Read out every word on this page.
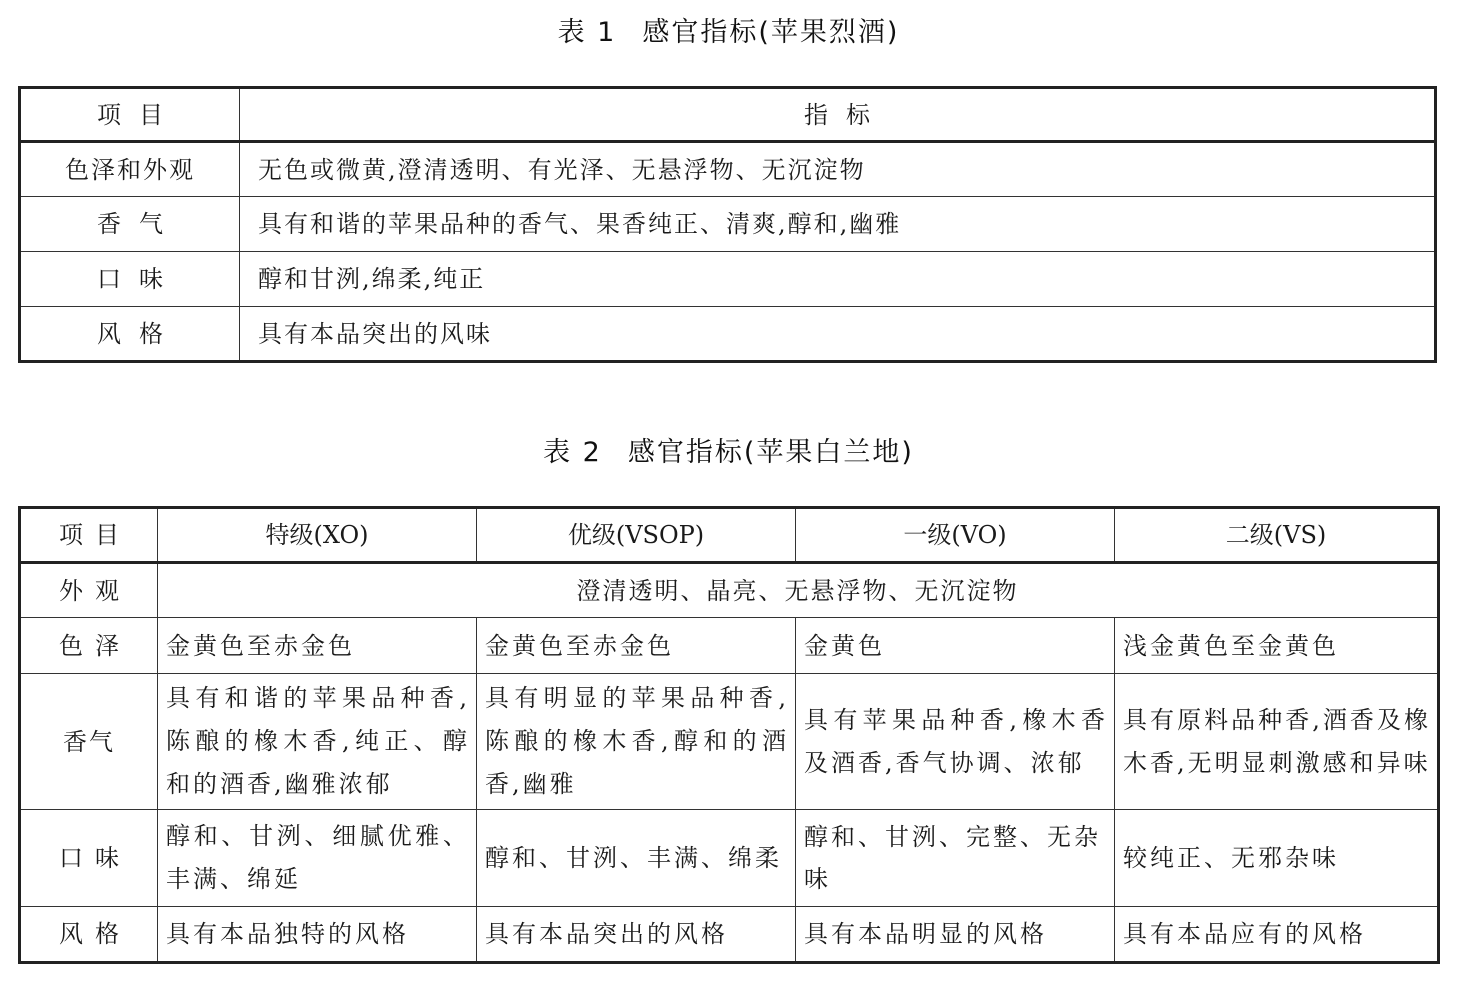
表 1 感官指标(苹果烈酒)
项目	指标
色泽和外观	无色或微黄,澄清透明、有光泽、无悬浮物、无沉淀物
香气	具有和谐的苹果品种的香气、果香纯正、清爽,醇和,幽雅
口味	醇和甘洌,绵柔,纯正
风格	具有本品突出的风味
表 2 感官指标(苹果白兰地)
项目	特级(XO)	优级(VSOP)	一级(VO)	二级(VS)
外观	澄清透明、晶亮、无悬浮物、无沉淀物			
色泽	金黄色至赤金色	金黄色至赤金色	金黄色	浅金黄色至金黄色
香气	具有和谐的苹果品种香,陈酿的橡木香,纯正、醇和的酒香,幽雅浓郁	具有明显的苹果品种香,陈酿的橡木香,醇和的酒香,幽雅	具有苹果品种香,橡木香及酒香,香气协调、浓郁	具有原料品种香,酒香及橡木香,无明显刺激感和异味
口味	醇和、甘洌、细腻优雅、丰满、绵延	醇和、甘洌、丰满、绵柔	醇和、甘洌、完整、无杂味	较纯正、无邪杂味
风格	具有本品独特的风格	具有本品突出的风格	具有本品明显的风格	具有本品应有的风格
